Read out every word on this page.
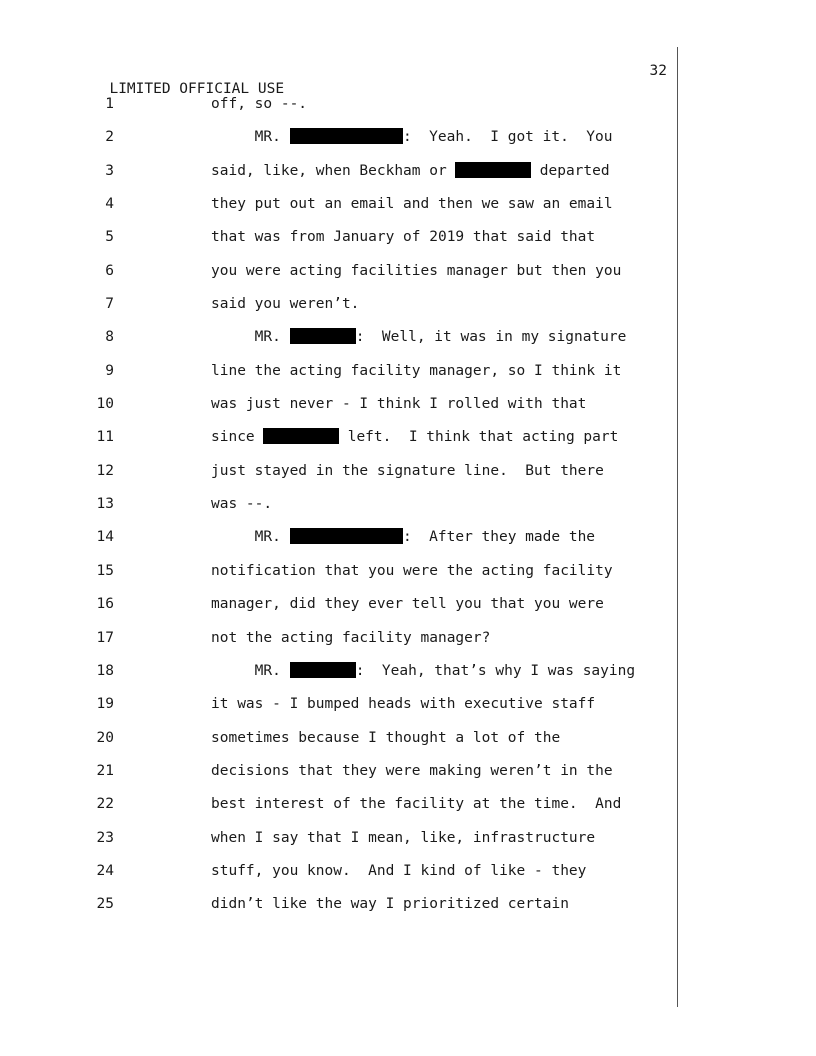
LIMITED OFFICIAL USE

32

1	off, so --.
2	MR.	:  Yeah.  I got it.  You
3	said, like, when Beckham or	departed
4	they put out an email and then we saw an email
5	that was from January of 2019 that said that
6	you were acting facilities manager but then you
7	said you weren’t.
8	MR.	:  Well, it was in my signature
9	line the acting facility manager, so I think it
10	was just never - I think I rolled with that
11	since	left.  I think that acting part
12	just stayed in the signature line.  But there
13	was --.
14	MR.	:  After they made the
15	notification that you were the acting facility
16	manager, did they ever tell you that you were
17	not the acting facility manager?
18	MR.	:  Yeah, that’s why I was saying
19	it was - I bumped heads with executive staff
20	sometimes because I thought a lot of the
21	decisions that they were making weren’t in the
22	best interest of the facility at the time.  And
23	when I say that I mean, like, infrastructure
24	stuff, you know.  And I kind of like - they
25	didn’t like the way I prioritized certain
